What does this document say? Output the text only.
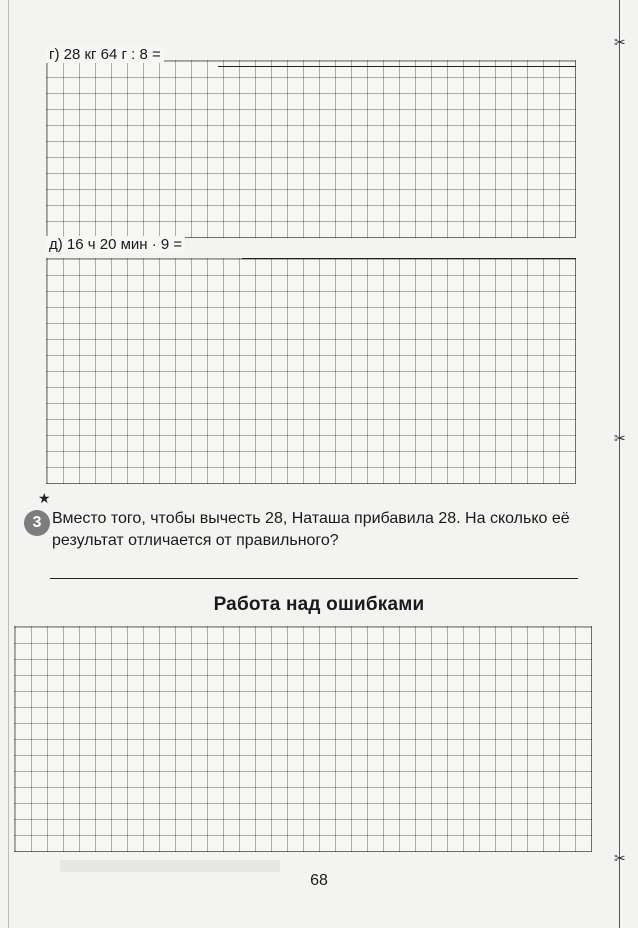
✂
✂
✂
г) 28 кг 64 г : 8 =
д) 16 ч 20 мин · 9 =
★
3 Вместо того, чтобы вычесть 28, Наташа прибавила 28. На сколько её результат отличается от правильного?
Работа над ошибками
68
